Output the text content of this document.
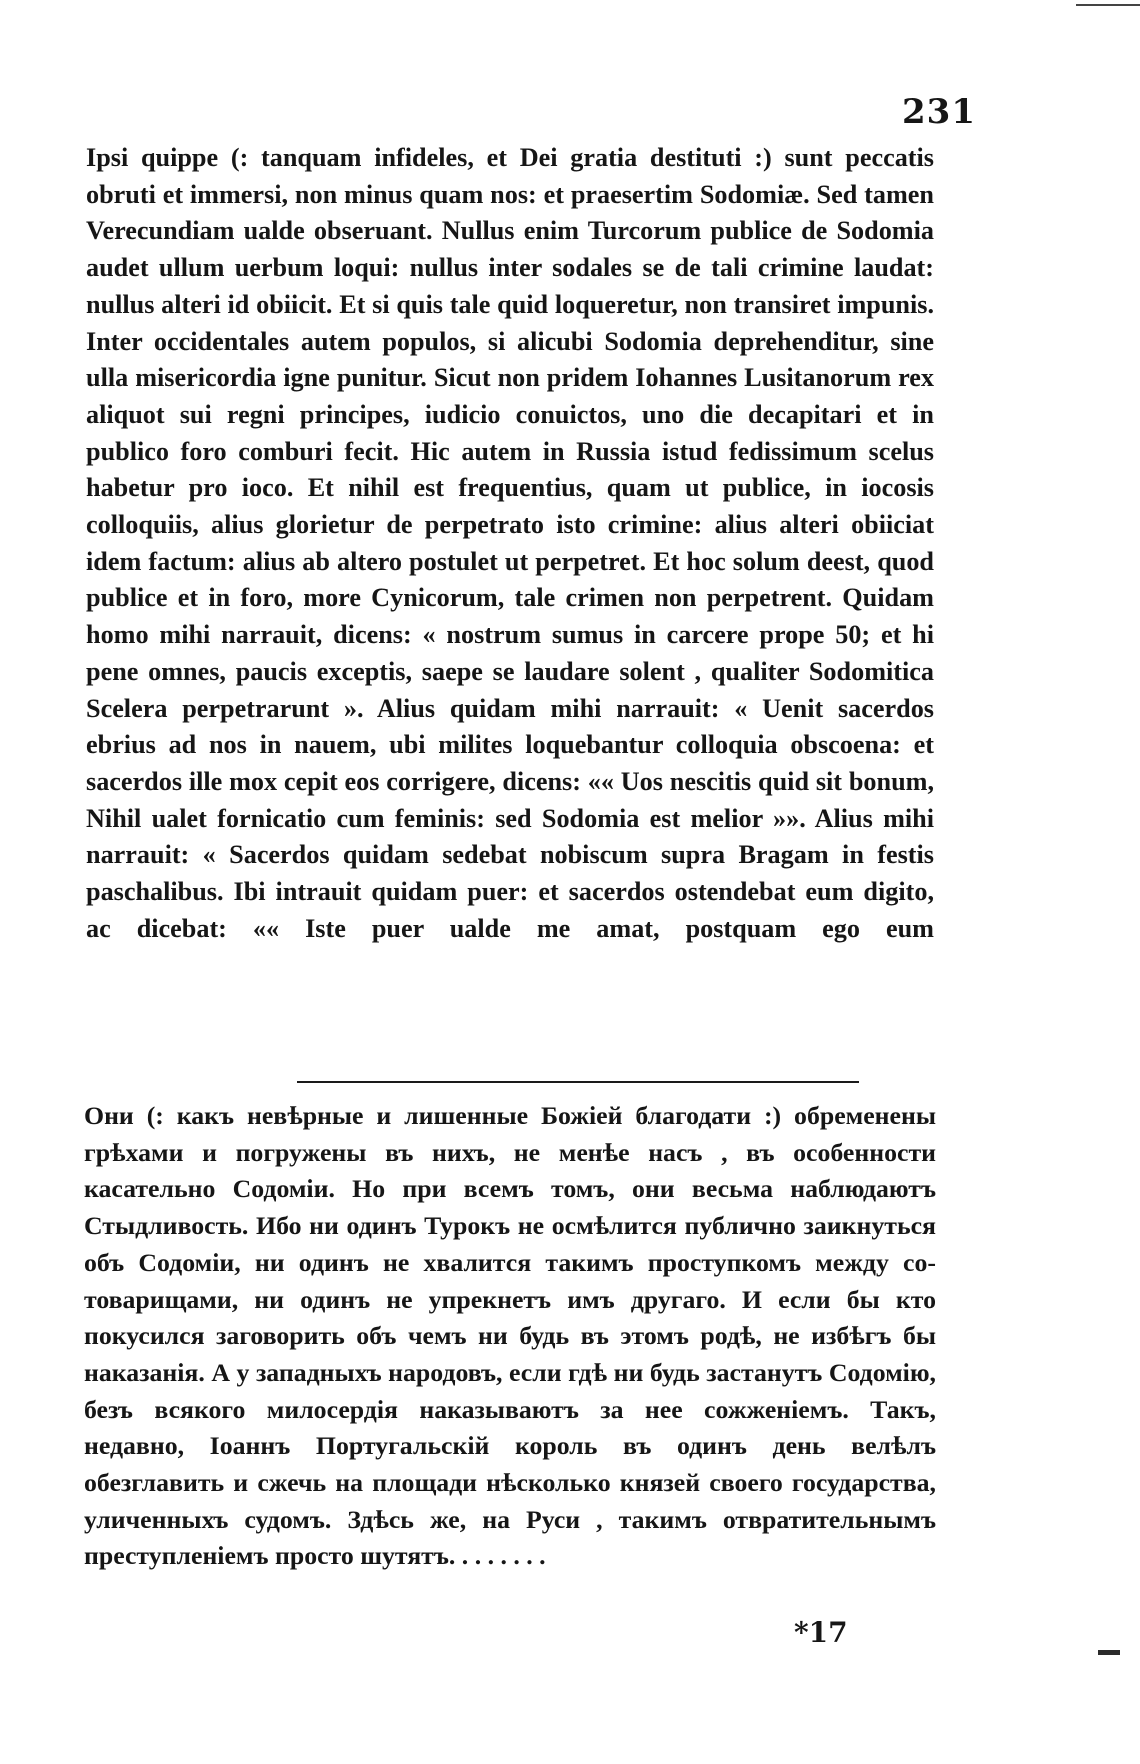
231

Ipsi quippe (: tanquam infideles, et Dei gratia destituti :) sunt peccatis obruti et immersi, non minus quam nos: et praesertim Sodomiæ. Sed tamen Verecundiam ualde obseruant. Nullus enim Turcorum publice de Sodomia audet ullum uerbum loqui: nullus inter sodales se de tali crimine laudat: nullus alteri id obiicit. Et si quis tale quid loqueretur, non transiret impunis. Inter occidentales autem populos, si alicubi Sodomia deprehenditur, sine ulla misericordia igne punitur. Sicut non pridem Iohannes Lusitanorum rex aliquot sui regni principes, iudicio conuictos, uno die decapitari et in publico foro comburi fecit. Hic autem in Russia istud fedissimum scelus habetur pro ioco. Et nihil est frequentius, quam ut publice, in iocosis colloquiis, alius glorietur de perpetrato isto crimine: alius alteri obiiciat idem factum: alius ab altero postulet ut perpetret. Et hoc solum deest, quod publice et in foro, more Cynicorum, tale crimen non perpetrent. Quidam homo mihi narrauit, dicens: « nostrum sumus in carcere prope 50; et hi pene omnes, paucis exceptis, saepe se laudare solent , qualiter Sodomitica Scelera perpetrarunt ». Alius quidam mihi narrauit: « Uenit sacerdos ebrius ad nos in nauem, ubi milites loquebantur colloquia obscoena: et sacerdos ille mox cepit eos corrigere, dicens: «« Uos nescitis quid sit bonum, Nihil ualet fornicatio cum feminis: sed Sodomia est melior »». Alius mihi narrauit: « Sacerdos quidam sedebat nobiscum supra Bragam in festis paschalibus. Ibi intrauit quidam puer: et sacerdos ostendebat eum digito, ac dicebat: «« Iste puer ualde me amat, postquam ego eum

Они (: какъ невѣрные и лишенные Божіей благодати :) обременены грѣхами и погружены въ нихъ, не менѣе насъ , въ особенности касательно Содоміи. Но при всемъ томъ, они весьма наблюдаютъ Стыдливость. Ибо ни одинъ Турокъ не осмѣлится публично заикнуться объ Содоміи, ни одинъ не хвалится такимъ проступкомъ между со- товарищами, ни одинъ не упрекнетъ имъ другаго. И если бы кто покусился заговорить объ чемъ ни будь въ этомъ родѣ, не избѣгъ бы наказанія. А у западныхъ народовъ, если гдѣ ни будь застанутъ Содомію, безъ всякого милосердія наказываютъ за нее сожженіемъ. Такъ, недавно, Іоаннъ Португальскій король въ одинъ день велѣлъ обезглавить и сжечь на площади нѣсколько князей своего государства, уличенныхъ судомъ. Здѣсь же, на Руси , такимъ отвратительнымъ преступленіемъ просто шутятъ. . . . . . . .

*17
